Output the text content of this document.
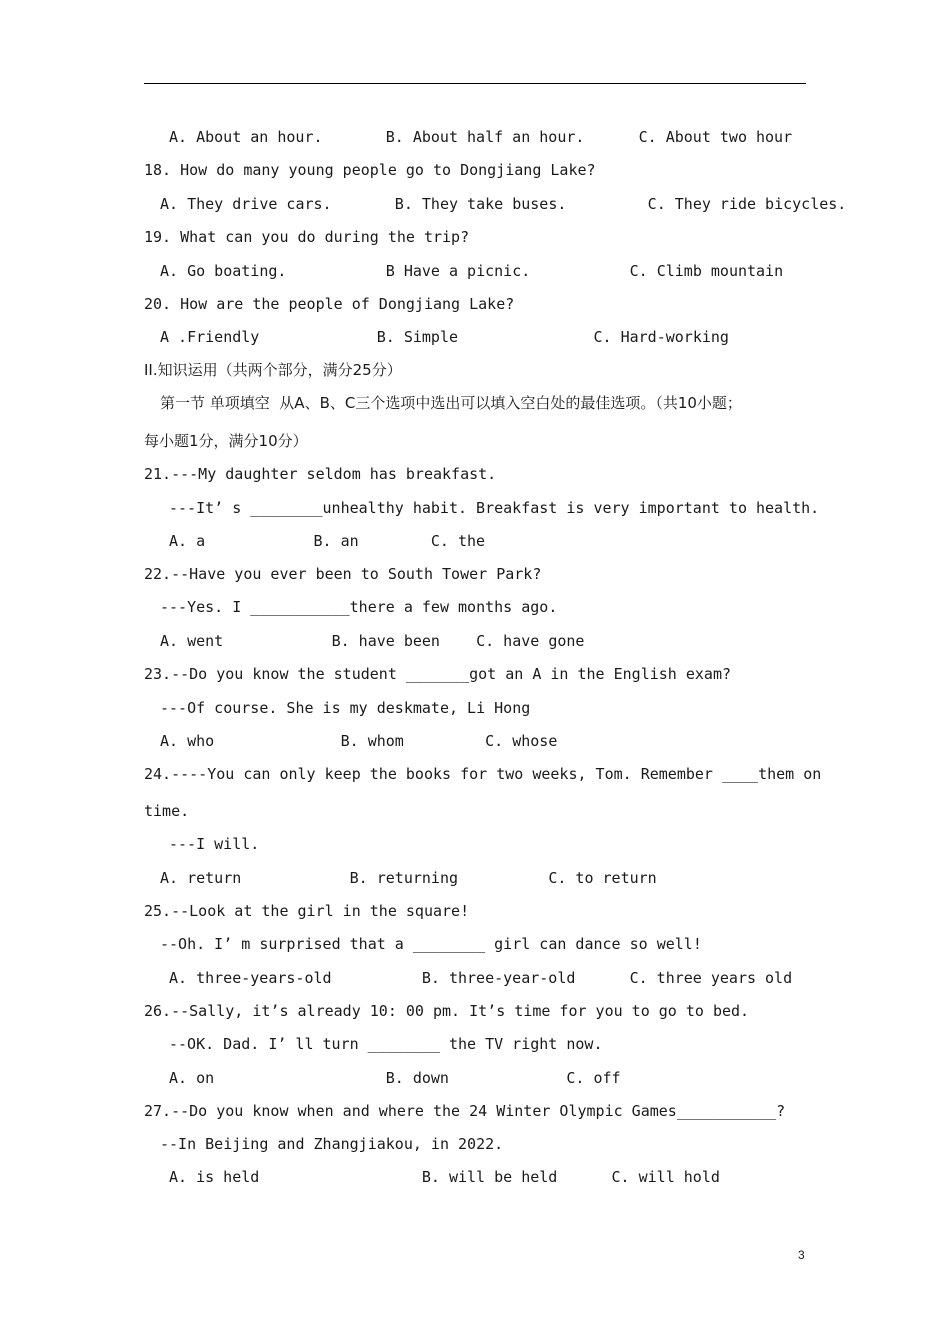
A. About an hour.       B. About half an hour.      C. About two hour
18. How do many young people go to Dongjiang Lake?
A. They drive cars.       B. They take buses.         C. They ride bicycles.
19. What can you do during the trip?
A. Go boating.           B Have a picnic.           C. Climb mountain
20. How are the people of Dongjiang Lake?
A .Friendly             B. Simple               C. Hard-working
II.知识运用（共两个部分，满分25分）
第一节 单项填空  从A、B、C三个选项中选出可以填入空白处的最佳选项。（共10小题；
每小题1分，满分10分）
21.---My daughter seldom has breakfast.
---It’ s ________unhealthy habit. Breakfast is very important to health.
A. a            B. an        C. the
22.--Have you ever been to South Tower Park?
---Yes. I ___________there a few months ago.
A. went            B. have been    C. have gone
23.--Do you know the student _______got an A in the English exam?
---Of course. She is my deskmate, Li Hong
A. who              B. whom         C. whose
24.----You can only keep the books for two weeks, Tom. Remember ____them on
time.
---I will.
A. return            B. returning          C. to return
25.--Look at the girl in the square!
--Oh. I’ m surprised that a ________ girl can dance so well!
A. three-years-old          B. three-year-old      C. three years old
26.--Sally, it’s already 10: 00 pm. It’s time for you to go to bed.
--OK. Dad. I’ ll turn ________ the TV right now.
A. on                   B. down             C. off
27.--Do you know when and where the 24 Winter Olympic Games___________?
--In Beijing and Zhangjiakou, in 2022.
A. is held                  B. will be held      C. will hold
3
